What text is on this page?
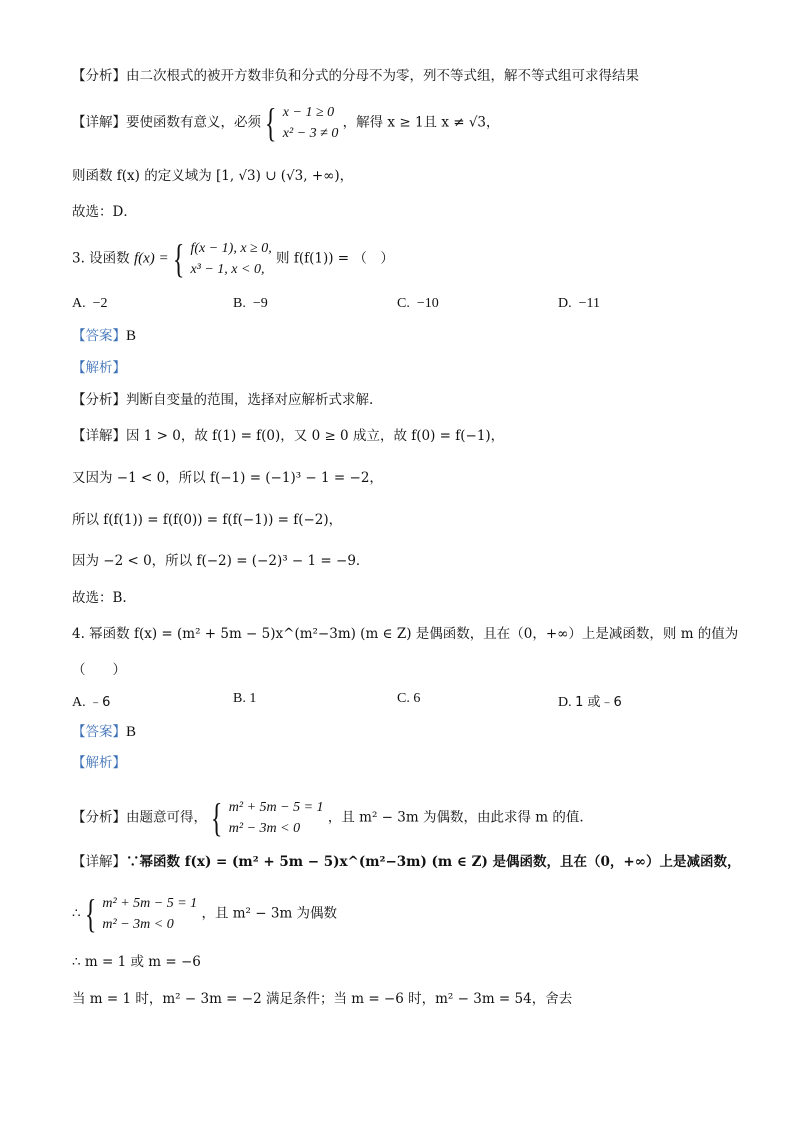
【分析】由二次根式的被开方数非负和分式的分母不为零，列不等式组，解不等式组可求得结果
【详解】要使函数有意义，必须 { x − 1 ≥ 0
x² − 3 ≠ 0 ，解得 x ≥ 1且 x ≠ √3，
则函数 f(x) 的定义域为 [1, √3) ∪ (√3, +∞)，
故选：D．
3. 设函数 f(x) = { f(x − 1), x ≥ 0,
x³ − 1, x < 0, 则 f(f(1)) = （　）
A. −2	B. −9	C. −10	D. −11
【答案】B
【解析】
【分析】判断自变量的范围，选择对应解析式求解.
【详解】因 1 > 0，故 f(1) = f(0)，又 0 ≥ 0 成立，故 f(0) = f(−1)，
又因为 −1 < 0，所以 f(−1) = (−1)³ − 1 = −2，
所以 f(f(1)) = f(f(0)) = f(f(−1)) = f(−2)，
因为 −2 < 0，所以 f(−2) = (−2)³ − 1 = −9．
故选：B.
4. 幂函数 f(x) = (m² + 5m − 5)x^(m²−3m) (m ∈ Z) 是偶函数，且在（0，+∞）上是减函数，则 m 的值为
（　　）
A. ﹣6	B. 1	C. 6	D. 1 或﹣6
【答案】B
【解析】
【分析】由题意可得， { m² + 5m − 5 = 1
m² − 3m < 0 ，且 m² − 3m 为偶数，由此求得 m 的值.
【详解】∵幂函数 f(x) = (m² + 5m − 5)x^(m²−3m) (m ∈ Z) 是偶函数，且在（0，+∞）上是减函数，
∴ { m² + 5m − 5 = 1
m² − 3m < 0 ，且 m² − 3m 为偶数
∴ m = 1 或 m = −6
当 m = 1 时，m² − 3m = −2 满足条件；当 m = −6 时，m² − 3m = 54，舍去
